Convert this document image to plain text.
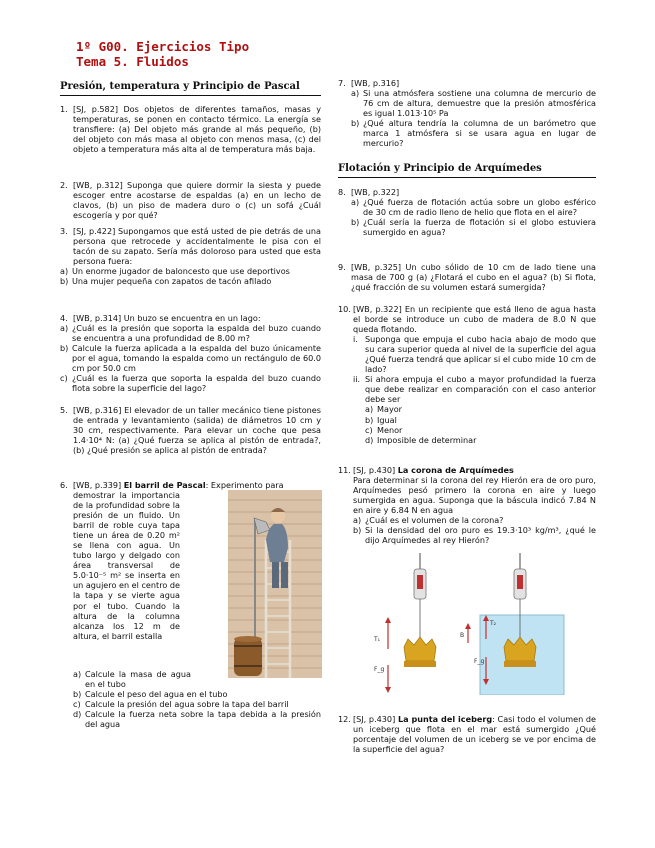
1º G00. Ejercicios Tipo
Tema 5. Fluidos
Presión, temperatura y Principio de Pascal
1. [SJ, p.582] Dos objetos de diferentes tamaños, masas y temperaturas, se ponen en contacto térmico. La energía se transfiere: (a) Del objeto más grande al más pequeño, (b) del objeto con más masa al objeto con menos masa, (c) del objeto a temperatura más alta al de temperatura más baja.
2. [WB, p.312] Suponga que quiere dormir la siesta y puede escoger entre acostarse de espaldas (a) en un lecho de clavos, (b) un piso de madera duro o (c) un sofá ¿Cuál escogería y por qué?
3. [SJ, p.422] Supongamos que está usted de pie detrás de una persona que retrocede y accidentalmente le pisa con el tacón de su zapato. Sería más doloroso para usted que esta persona fuera:
a) Un enorme jugador de baloncesto que use deportivos
b) Una mujer pequeña con zapatos de tacón afilado
4. [WB, p.314] Un buzo se encuentra en un lago:
a) ¿Cuál es la presión que soporta la espalda del buzo cuando se encuentra a una profundidad de 8.00 m?
b) Calcule la fuerza aplicada a la espalda del buzo únicamente por el agua, tomando la espalda como un rectángulo de 60.0 cm por 50.0 cm
c) ¿Cuál es la fuerza que soporta la espalda del buzo cuando flota sobre la superficie del lago?
5. [WB, p.316] El elevador de un taller mecánico tiene pistones de entrada y levantamiento (salida) de diámetros 10 cm y 30 cm, respectivamente. Para elevar un coche que pesa 1.4·10⁴ N: (a) ¿Qué fuerza se aplica al pistón de entrada?, (b) ¿Qué presión se aplica al pistón de entrada?
6. [WB, p.339] El barril de Pascal: Experimento para
demostrar la importancia de la profundidad sobre la presión de un fluido. Un barril de roble cuya tapa tiene un área de 0.20 m² se llena con agua. Un tubo largo y delgado con área transversal de 5.0·10⁻⁵ m² se inserta en un agujero en el centro de la tapa y se vierte agua por el tubo. Cuando la altura de la columna alcanza los 12 m de altura, el barril estalla
a) Calcule la masa de agua en el tubo
b) Calcule el peso del agua en el tubo
c) Calcule la presión del agua sobre la tapa del barril
d) Calcule la fuerza neta sobre la tapa debida a la presión del agua
7. [WB, p.316]
a) Si una atmósfera sostiene una columna de mercurio de 76 cm de altura, demuestre que la presión atmosférica es igual 1.013·10⁵ Pa
b) ¿Qué altura tendría la columna de un barómetro que marca 1 atmósfera si se usara agua en lugar de mercurio?
Flotación y Principio de Arquímedes
8. [WB, p.322]
a) ¿Qué fuerza de flotación actúa sobre un globo esférico de 30 cm de radio lleno de helio que flota en el aire?
b) ¿Cuál sería la fuerza de flotación si el globo estuviera sumergido en agua?
9. [WB, p.325] Un cubo sólido de 10 cm de lado tiene una masa de 700 g (a) ¿Flotará el cubo en el agua? (b) Si flota, ¿qué fracción de su volumen estará sumergida?
10. [WB, p.322] En un recipiente que está lleno de agua hasta el borde se introduce un cubo de madera de 8.0 N que queda flotando.
i. Suponga que empuja el cubo hacia abajo de modo que su cara superior queda al nivel de la superficie del agua ¿Qué fuerza tendrá que aplicar si el cubo mide 10 cm de lado?
ii. Si ahora empuja el cubo a mayor profundidad la fuerza que debe realizar en comparación con el caso anterior debe ser
a) Mayor
b) Igual
c) Menor
d) Imposible de determinar
11. [SJ, p.430] La corona de Arquímedes
Para determinar si la corona del rey Hierón era de oro puro, Arquímedes pesó primero la corona en aire y luego sumergida en agua. Suponga que la báscula indicó 7.84 N en aire y 6.84 N en agua
a) ¿Cuál es el volumen de la corona?
b) Si la densidad del oro puro es 19.3·10³ kg/m³, ¿qué le dijo Arquímedes al rey Hierón?
T₁
F_g
B
T₂
F_g
12. [SJ, p.430] La punta del iceberg: Casi todo el volumen de un iceberg que flota en el mar está sumergido ¿Qué porcentaje del volumen de un iceberg se ve por encima de la superficie del agua?
